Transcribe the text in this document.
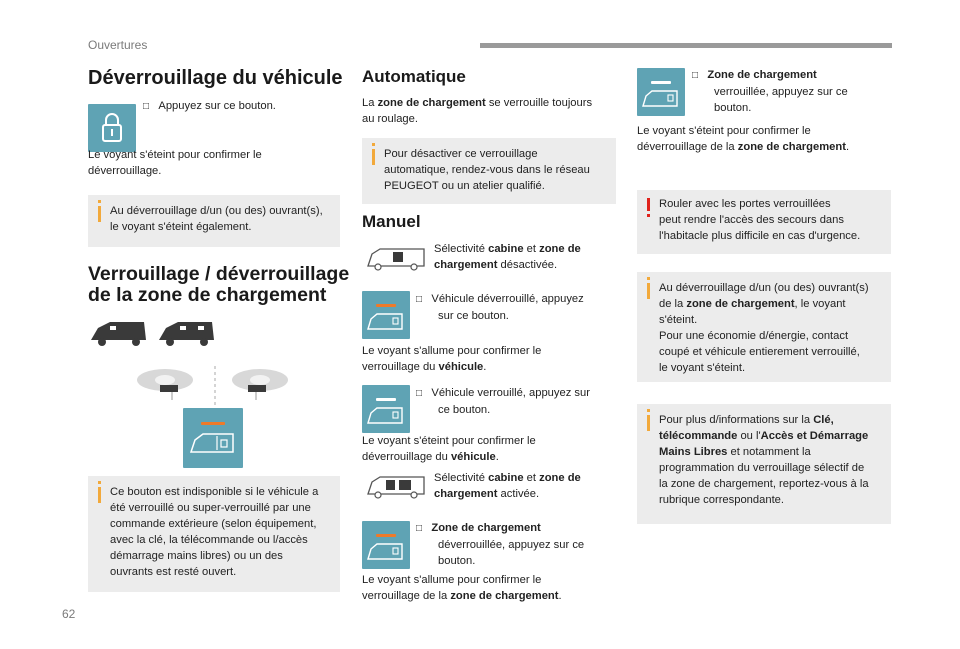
Ouvertures
Déverrouillage du véhicule
□ Appuyez sur ce bouton.
Le voyant s'éteint pour confirmer le
déverrouillage.
Au déverrouillage d/un (ou des) ouvrant(s),
le voyant s'éteint également.
Verrouillage / déverrouillage
de la zone de chargement
Ce bouton est indisponible si le véhicule a
été verrouillé ou super-verrouillé par une
commande extérieure (selon équipement,
avec la clé, la télécommande ou l/accès
démarrage mains libres) ou un des
ouvrants est resté ouvert.
62
Automatique
La zone de chargement se verrouille toujours
au roulage.
Pour désactiver ce verrouillage
automatique, rendez-vous dans le réseau
PEUGEOT ou un atelier qualifié.
Manuel
Sélectivité cabine et zone de
chargement désactivée.
□ Véhicule déverrouillé, appuyez
sur ce bouton.
Le voyant s'allume pour confirmer le
verrouillage du véhicule.
□ Véhicule verrouillé, appuyez sur
ce bouton.
Le voyant s'éteint pour confirmer le
déverrouillage du véhicule.
Sélectivité cabine et zone de
chargement activée.
□ Zone de chargement
déverrouillée, appuyez sur ce
bouton.
Le voyant s'allume pour confirmer le
verrouillage de la zone de chargement.
□ Zone de chargement
verrouillée, appuyez sur ce
bouton.
Le voyant s'éteint pour confirmer le
déverrouillage de la zone de chargement.
Rouler avec les portes verrouillées
peut rendre l'accès des secours dans
l'habitacle plus difficile en cas d'urgence.
Au déverrouillage d/un (ou des) ouvrant(s)
de la zone de chargement, le voyant
s'éteint.
Pour une économie d/énergie, contact
coupé et véhicule entierement verrouillé,
le voyant s'éteint.
Pour plus d/informations sur la Clé,
télécommande ou l'Accès et Démarrage
Mains Libres et notamment la
programmation du verrouillage sélectif de
la zone de chargement, reportez-vous à la
rubrique correspondante.
